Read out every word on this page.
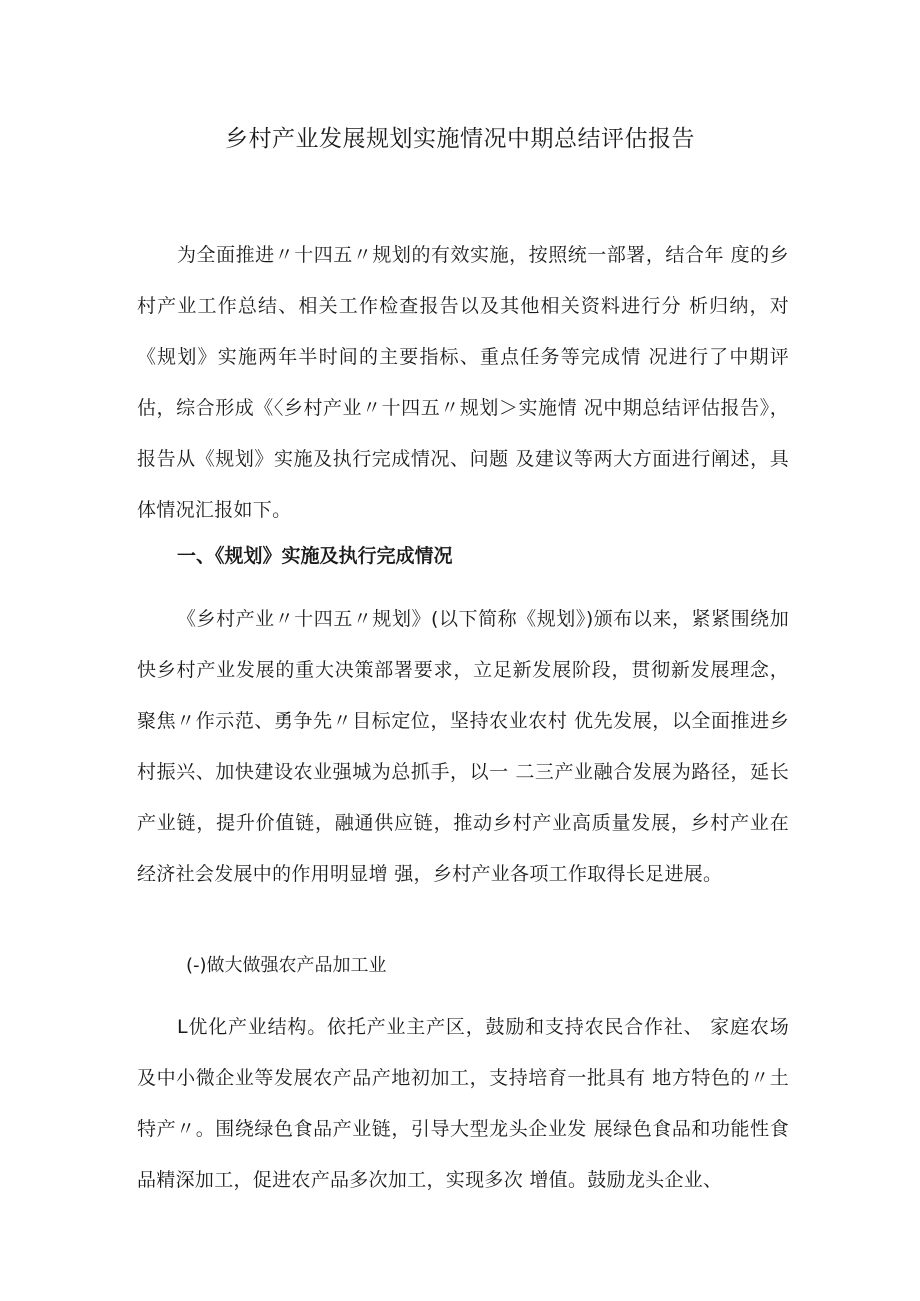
乡村产业发展规划实施情况中期总结评估报告

为全面推进〃十四五〃规划的有效实施，按照统一部署，结合年 度的乡村产业工作总结、相关工作检查报告以及其他相关资料进行分 析归纳，对《规划》实施两年半时间的主要指标、重点任务等完成情 况进行了中期评估，综合形成《〈乡村产业〃十四五〃规划＞实施情 况中期总结评估报告》，报告从《规划》实施及执行完成情况、问题 及建议等两大方面进行阐述，具体情况汇报如下。

一、《规划》实施及执行完成情况

《乡村产业〃十四五〃规划》(以下简称《规划》)颁布以来，紧紧围绕加快乡村产业发展的重大决策部署要求，立足新发展阶段，贯彻新发展理念，聚焦〃作示范、勇争先〃目标定位，坚持农业农村 优先发展，以全面推进乡村振兴、加快建设农业强城为总抓手，以一 二三产业融合发展为路径，延长产业链，提升价值链，融通供应链，推动乡村产业高质量发展，乡村产业在经济社会发展中的作用明显增 强，乡村产业各项工作取得长足进展。

(-)做大做强农产品加工业

L优化产业结构。依托产业主产区，鼓励和支持农民合作社、 家庭农场及中小微企业等发展农产品产地初加工，支持培育一批具有 地方特色的〃土特产〃。围绕绿色食品产业链，引导大型龙头企业发 展绿色食品和功能性食品精深加工，促进农产品多次加工，实现多次 增值。鼓励龙头企业、
